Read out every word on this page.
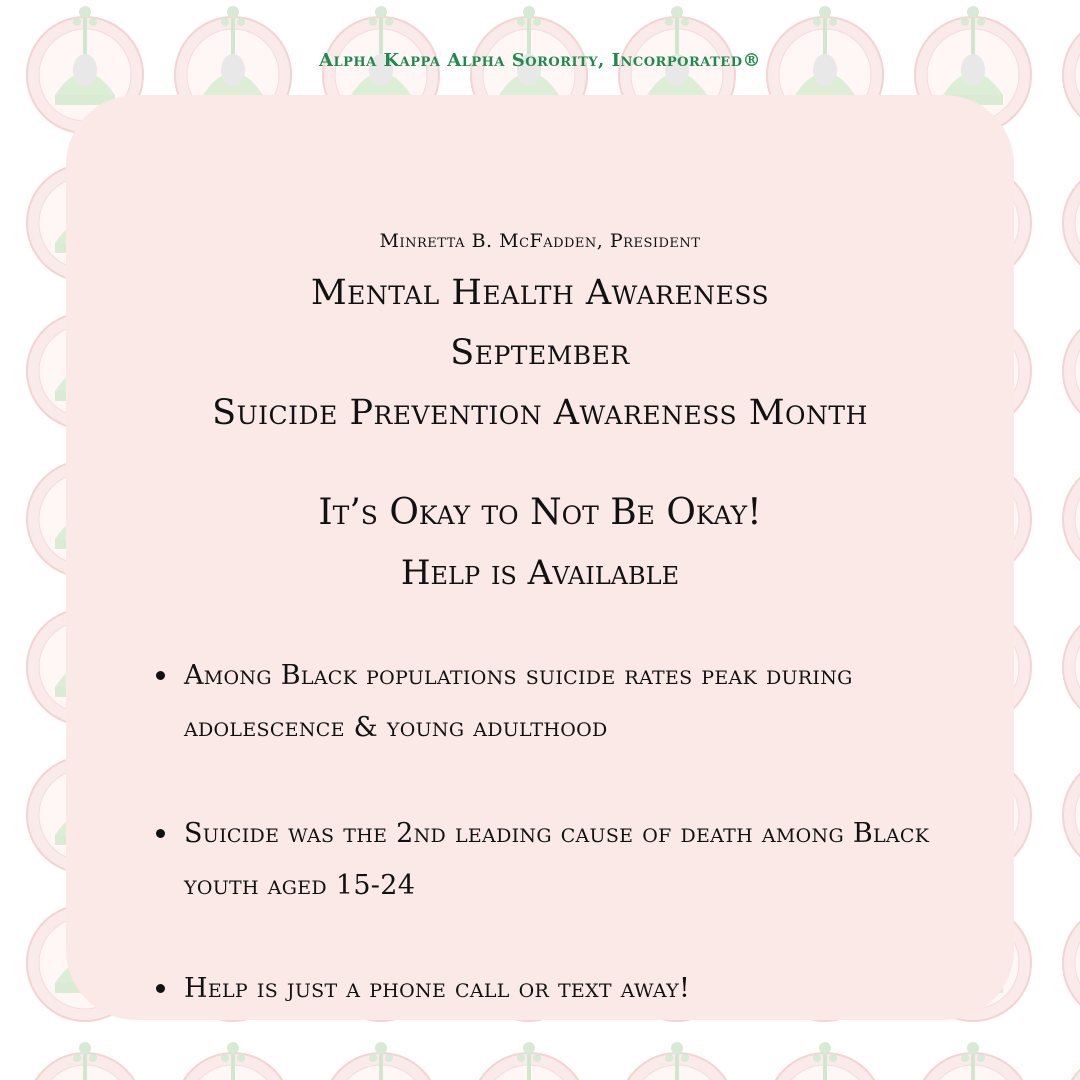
Alpha Kappa Alpha Sorority, Incorporated®
Minretta B. McFadden, President
Mental Health Awareness
September
Suicide Prevention Awareness Month
It’s Okay to Not Be Okay!
Help is Available
Among Black populations suicide rates peak during adolescence & young adulthood
Suicide was the 2nd leading cause of death among Black youth aged 15-24
Help is just a phone call or text away!
